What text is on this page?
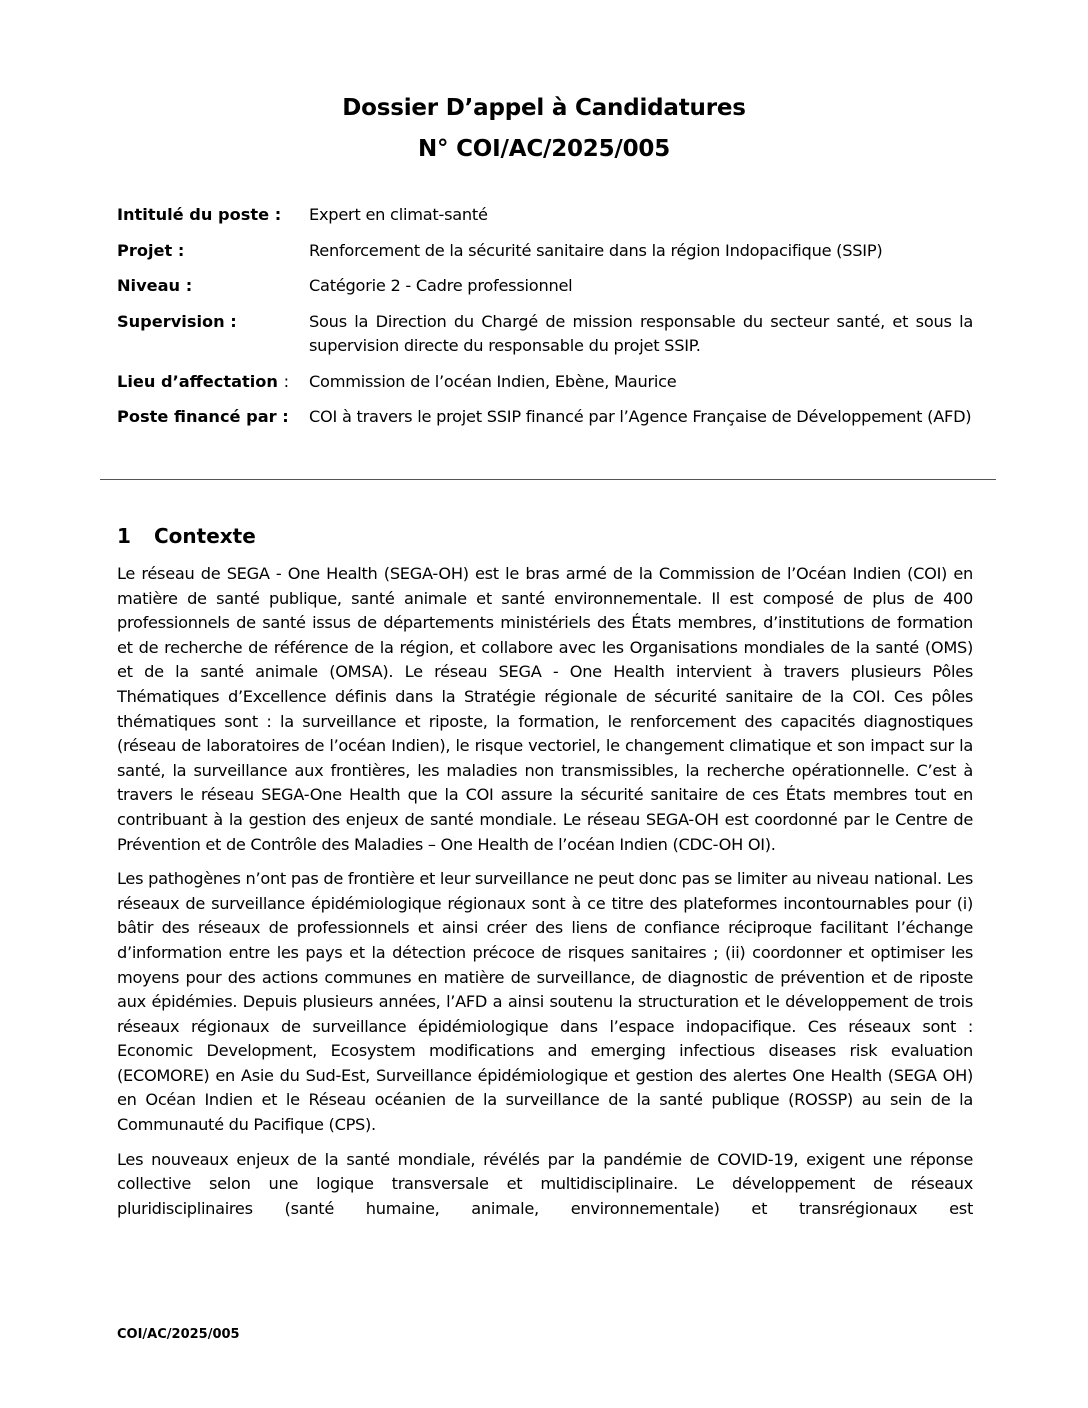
Dossier D’appel à Candidatures
N° COI/AC/2025/005
Intitulé du poste :	Expert en climat-santé
Projet :	Renforcement de la sécurité sanitaire dans la région Indopacifique (SSIP)
Niveau :	Catégorie 2 - Cadre professionnel
Supervision :	Sous la Direction du Chargé de mission responsable du secteur santé, et sous la supervision directe du responsable du projet SSIP.
Lieu d’affectation :	Commission de l’océan Indien, Ebène, Maurice
Poste financé par :	COI à travers le projet SSIP financé par l’Agence Française de Développement (AFD)
1 Contexte

Le réseau de SEGA - One Health (SEGA-OH) est le bras armé de la Commission de l’Océan Indien (COI) en matière de santé publique, santé animale et santé environnementale. Il est composé de plus de 400 professionnels de santé issus de départements ministériels des États membres, d’institutions de formation et de recherche de référence de la région, et collabore avec les Organisations mondiales de la santé (OMS) et de la santé animale (OMSA). Le réseau SEGA - One Health intervient à travers plusieurs Pôles Thématiques d’Excellence définis dans la Stratégie régionale de sécurité sanitaire de la COI. Ces pôles thématiques sont : la surveillance et riposte, la formation, le renforcement des capacités diagnostiques (réseau de laboratoires de l’océan Indien), le risque vectoriel, le changement climatique et son impact sur la santé, la surveillance aux frontières, les maladies non transmissibles, la recherche opérationnelle. C’est à travers le réseau SEGA-One Health que la COI assure la sécurité sanitaire de ces États membres tout en contribuant à la gestion des enjeux de santé mondiale. Le réseau SEGA-OH est coordonné par le Centre de Prévention et de Contrôle des Maladies – One Health de l’océan Indien (CDC-OH OI).

Les pathogènes n’ont pas de frontière et leur surveillance ne peut donc pas se limiter au niveau national. Les réseaux de surveillance épidémiologique régionaux sont à ce titre des plateformes incontournables pour (i) bâtir des réseaux de professionnels et ainsi créer des liens de confiance réciproque facilitant l’échange d’information entre les pays et la détection précoce de risques sanitaires ; (ii) coordonner et optimiser les moyens pour des actions communes en matière de surveillance, de diagnostic de prévention et de riposte aux épidémies. Depuis plusieurs années, l’AFD a ainsi soutenu la structuration et le développement de trois réseaux régionaux de surveillance épidémiologique dans l’espace indopacifique. Ces réseaux sont : Economic Development, Ecosystem modifications and emerging infectious diseases risk evaluation (ECOMORE) en Asie du Sud-Est, Surveillance épidémiologique et gestion des alertes One Health (SEGA OH) en Océan Indien et le Réseau océanien de la surveillance de la santé publique (ROSSP) au sein de la Communauté du Pacifique (CPS).

Les nouveaux enjeux de la santé mondiale, révélés par la pandémie de COVID-19, exigent une réponse collective selon une logique transversale et multidisciplinaire. Le développement de réseaux pluridisciplinaires (santé humaine, animale, environnementale) et transrégionaux est

COI/AC/2025/005
